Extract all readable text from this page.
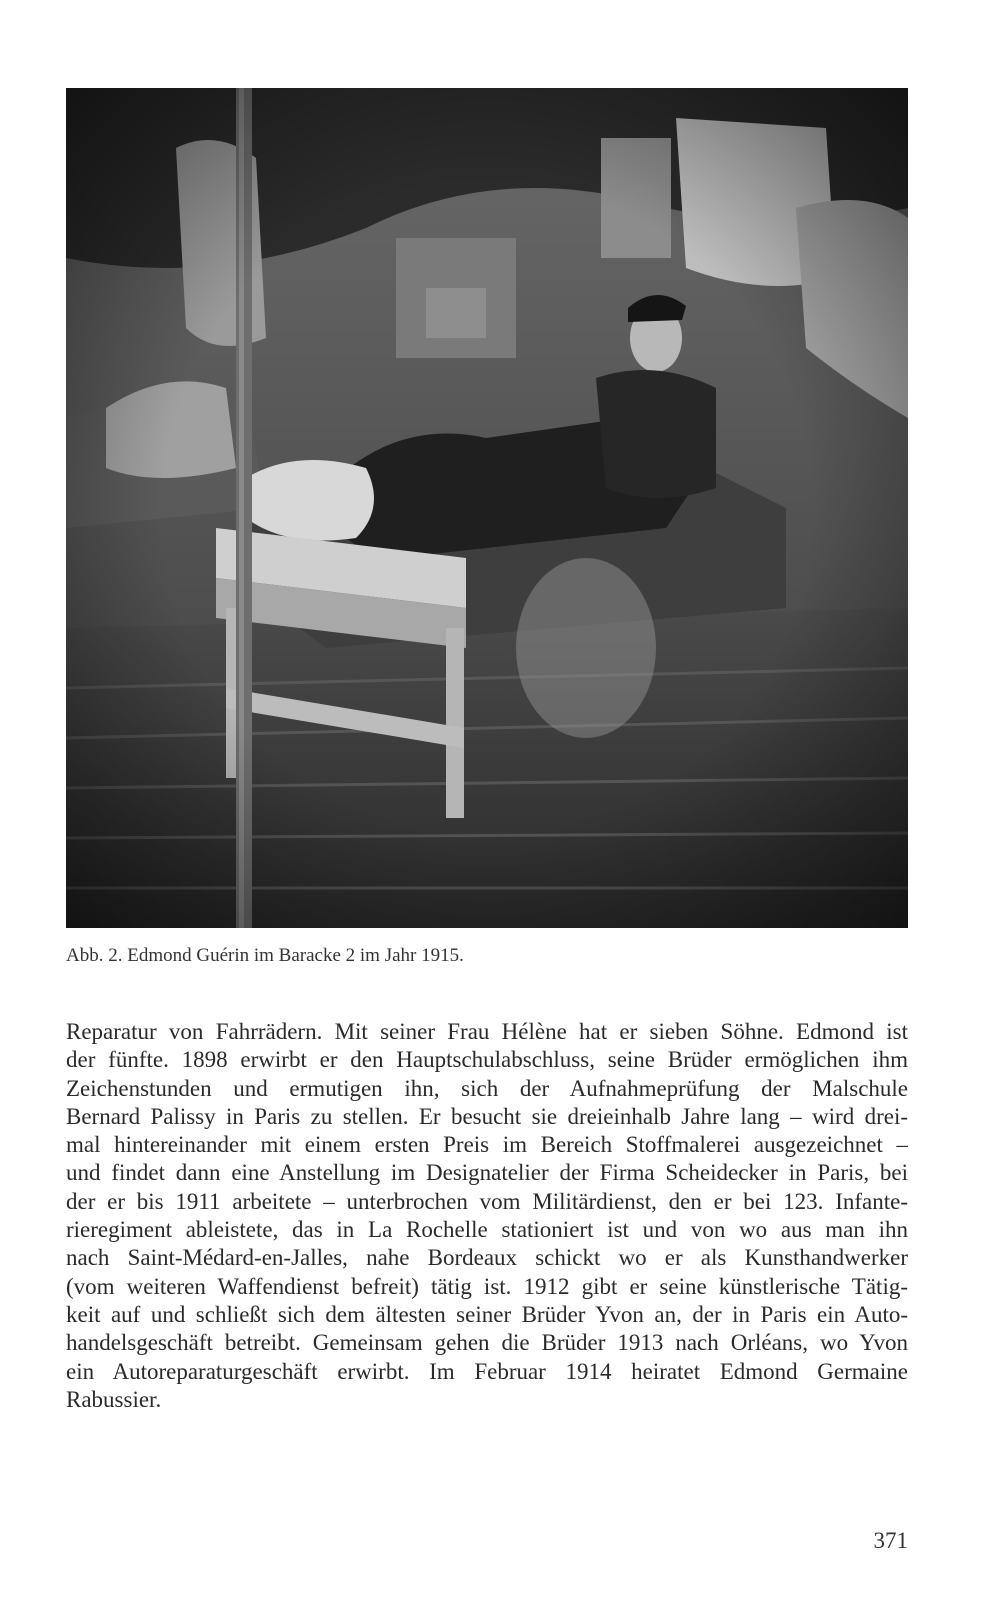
Abb. 2. Edmond Guérin im Baracke 2 im Jahr 1915.
Reparatur von Fahrrädern. Mit seiner Frau Hélène hat er sieben Söhne. Edmond ist
der fünfte. 1898 erwirbt er den Hauptschulabschluss, seine Brüder ermöglichen ihm
Zeichenstunden und ermutigen ihn, sich der Aufnahmeprüfung der Malschule
Bernard Palissy in Paris zu stellen. Er besucht sie dreieinhalb Jahre lang – wird drei-
mal hintereinander mit einem ersten Preis im Bereich Stoffmalerei ausgezeichnet –
und findet dann eine Anstellung im Designatelier der Firma Scheidecker in Paris, bei
der er bis 1911 arbeitete – unterbrochen vom Militärdienst, den er bei 123. Infante-
rieregiment ableistete, das in La Rochelle stationiert ist und von wo aus man ihn
nach Saint-Médard-en-Jalles, nahe Bordeaux schickt wo er als Kunsthandwerker
(vom weiteren Waffendienst befreit) tätig ist. 1912 gibt er seine künstlerische Tätig-
keit auf und schließt sich dem ältesten seiner Brüder Yvon an, der in Paris ein Auto-
handelsgeschäft betreibt. Gemeinsam gehen die Brüder 1913 nach Orléans, wo Yvon
ein Autoreparaturgeschäft erwirbt. Im Februar 1914 heiratet Edmond Germaine
Rabussier.
371
